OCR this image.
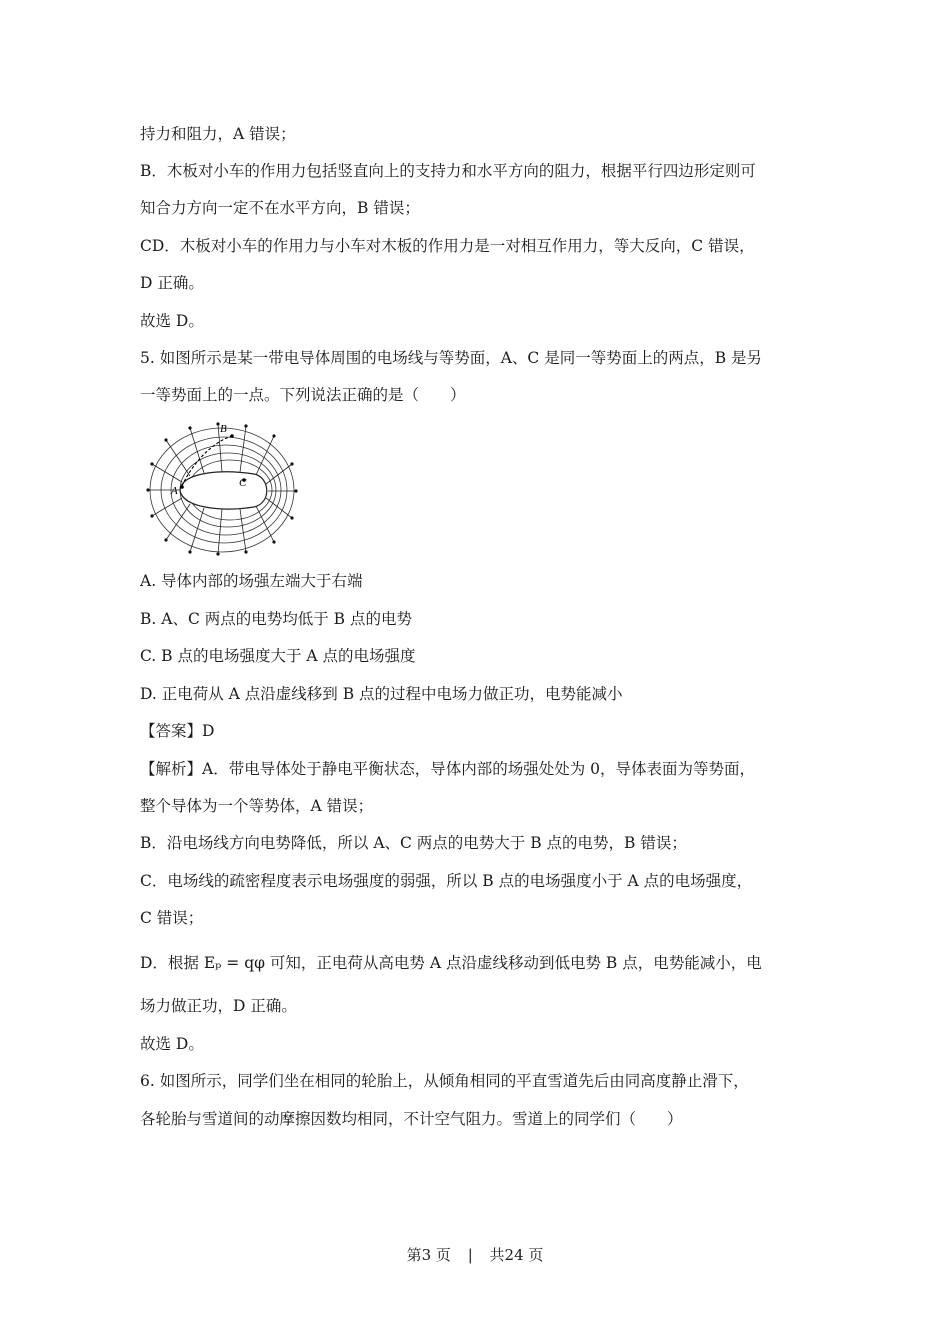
持力和阻力，A 错误；
B．木板对小车的作用力包括竖直向上的支持力和水平方向的阻力，根据平行四边形定则可
知合力方向一定不在水平方向，B 错误；
CD．木板对小车的作用力与小车对木板的作用力是一对相互作用力，等大反向，C 错误，
D 正确。
故选 D。
5. 如图所示是某一带电导体周围的电场线与等势面，A、C 是同一等势面上的两点，B 是另
一等势面上的一点。下列说法正确的是（　　）
A
B
C
A. 导体内部的场强左端大于右端
B. A、C 两点的电势均低于 B 点的电势
C. B 点的电场强度大于 A 点的电场强度
D. 正电荷从 A 点沿虚线移到 B 点的过程中电场力做正功，电势能减小
【答案】D
【解析】A．带电导体处于静电平衡状态，导体内部的场强处处为 0，导体表面为等势面，
整个导体为一个等势体，A 错误；
B．沿电场线方向电势降低，所以 A、C 两点的电势大于 B 点的电势，B 错误；
C．电场线的疏密程度表示电场强度的弱强，所以 B 点的电场强度小于 A 点的电场强度，
C 错误；
D．根据 Eₚ = qφ 可知，正电荷从高电势 A 点沿虚线移动到低电势 B 点，电势能减小，电
场力做正功，D 正确。
故选 D。
6. 如图所示，同学们坐在相同的轮胎上，从倾角相同的平直雪道先后由同高度静止滑下，
各轮胎与雪道间的动摩擦因数均相同，不计空气阻力。雪道上的同学们（　　）
第3 页 | 共24 页
